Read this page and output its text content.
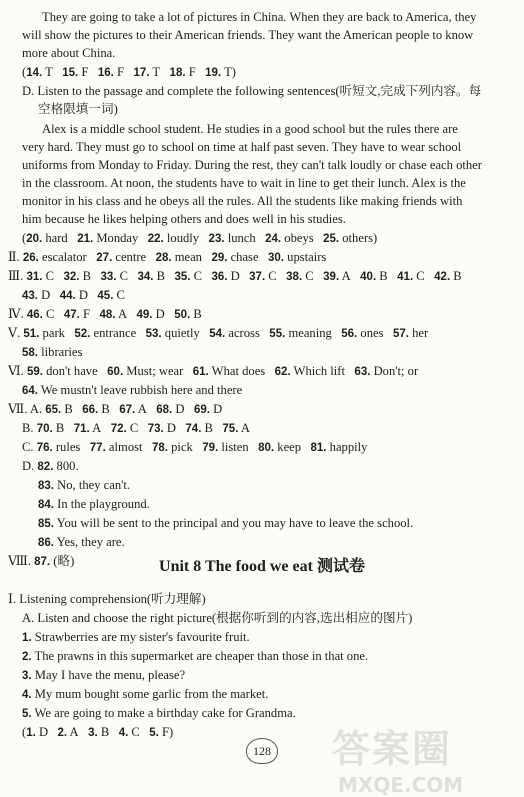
They are going to take a lot of pictures in China. When they are back to America, they
will show the pictures to their American friends. They want the American people to know
more about China.
(14. T   15. F   16. F   17. T   18. F   19. T)
D. Listen to the passage and complete the following sentences(听短文,完成下列内容。每
空格限填一词)
Alex is a middle school student. He studies in a good school but the rules there are
very hard. They must go to school on time at half past seven. They have to wear school
uniforms from Monday to Friday. During the rest, they can't talk loudly or chase each other
in the classroom. At noon, the students have to wait in line to get their lunch. Alex is the
monitor in his class and he obeys all the rules. All the students like making friends with
him because he likes helping others and does well in his studies.
(20. hard   21. Monday   22. loudly   23. lunch   24. obeys   25. others)
Ⅱ. 26. escalator   27. centre   28. mean   29. chase   30. upstairs
Ⅲ. 31. C   32. B   33. C   34. B   35. C   36. D   37. C   38. C   39. A   40. B   41. C   42. B
43. D   44. D   45. C
Ⅳ. 46. C   47. F   48. A   49. D   50. B
Ⅴ. 51. park   52. entrance   53. quietly   54. across   55. meaning   56. ones   57. her
58. libraries
Ⅵ. 59. don't have   60. Must; wear   61. What does   62. Which lift   63. Don't; or
64. We mustn't leave rubbish here and there
Ⅶ. A. 65. B   66. B   67. A   68. D   69. D
B. 70. B   71. A   72. C   73. D   74. B   75. A
C. 76. rules   77. almost   78. pick   79. listen   80. keep   81. happily
D. 82. 800.
83. No, they can't.
84. In the playground.
85. You will be sent to the principal and you may have to leave the school.
86. Yes, they are.
Ⅷ. 87. (略)
Ⅰ. Listening comprehension(听力理解)
A. Listen and choose the right picture(根据你听到的内容,选出相应的图片)
1. Strawberries are my sister's favourite fruit.
2. The prawns in this supermarket are cheaper than those in that one.
3. May I have the menu, please?
4. My mum bought some garlic from the market.
5. We are going to make a birthday cake for Grandma.
(1. D   2. A   3. B   4. C   5. F)
Unit 8 The food we eat 测试卷
128 答案圈
MXQE.COM
